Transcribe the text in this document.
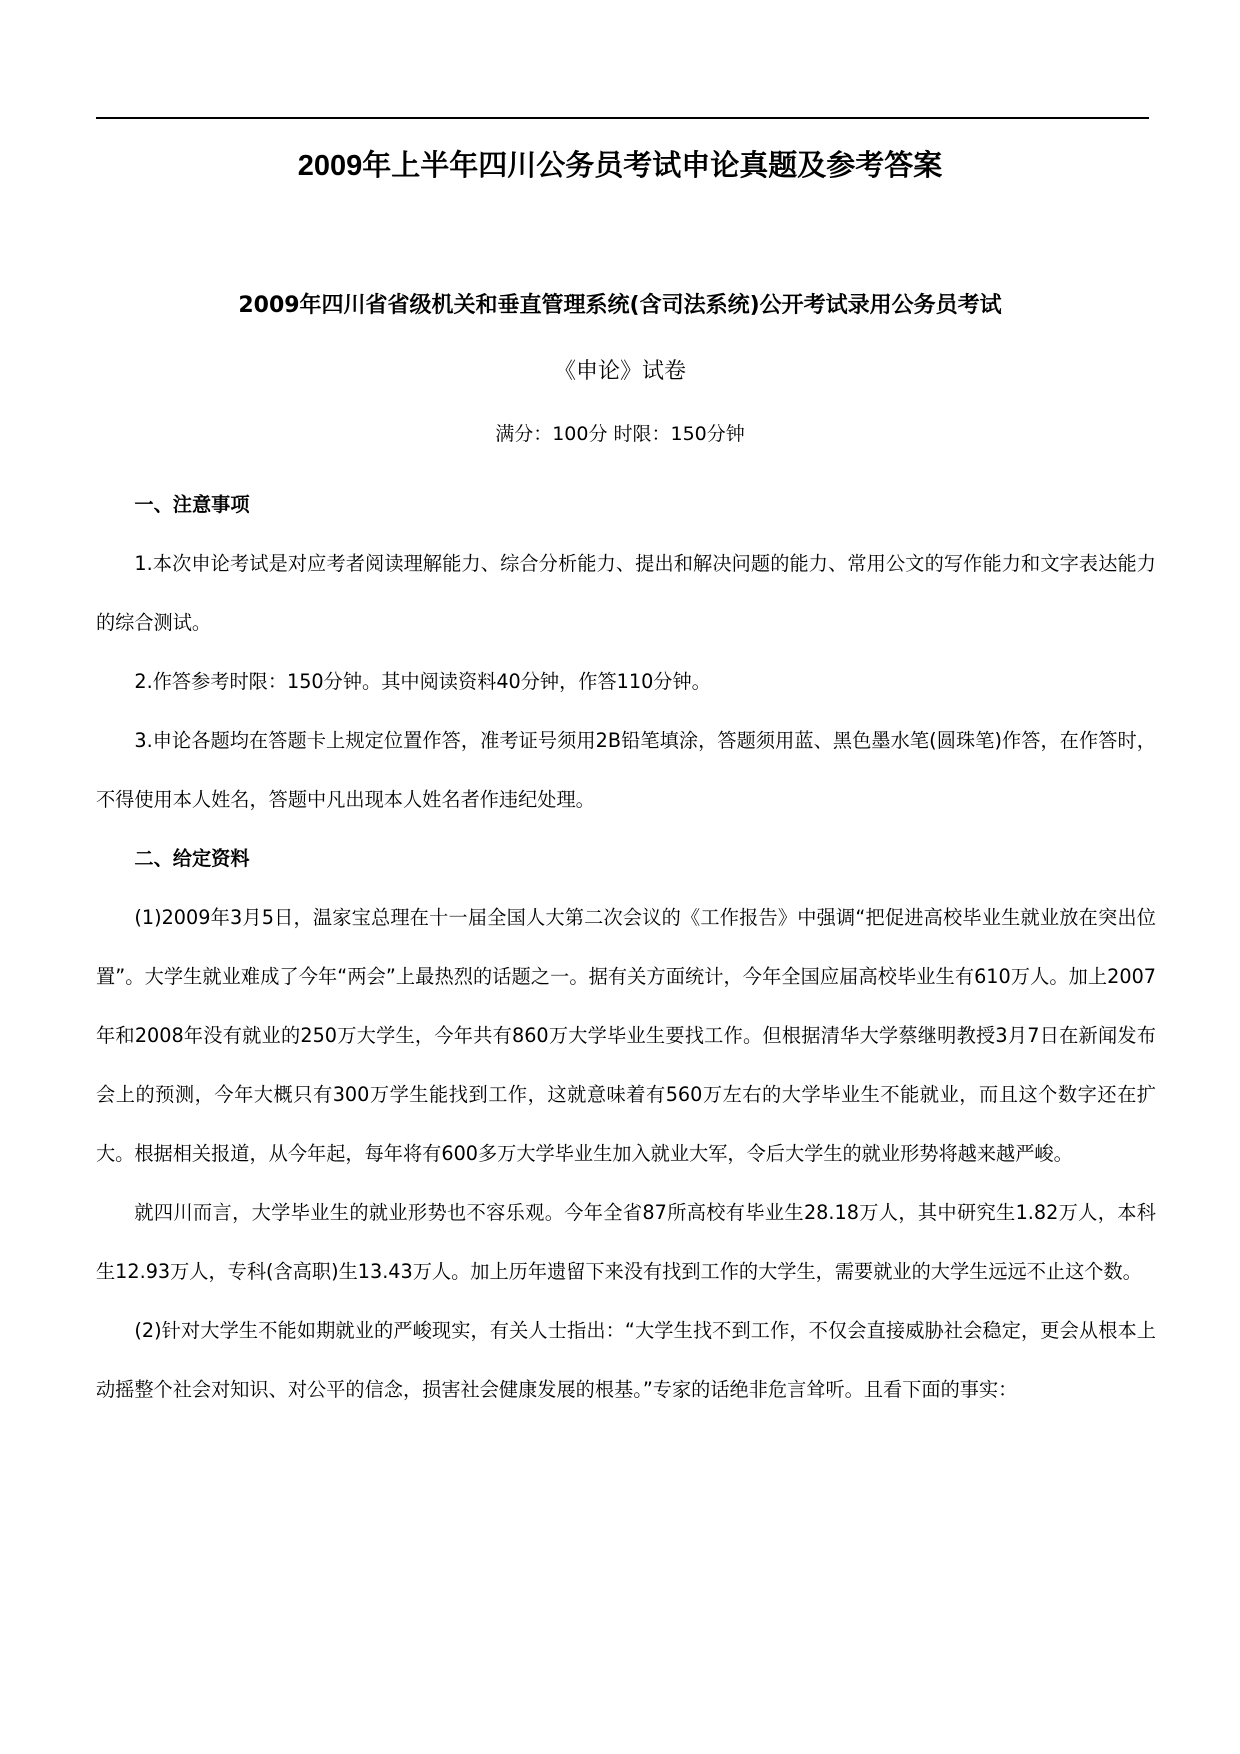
2009年上半年四川公务员考试申论真题及参考答案
2009年四川省省级机关和垂直管理系统(含司法系统)公开考试录用公务员考试
《申论》试卷
满分：100分 时限：150分钟
一、注意事项

1.本次申论考试是对应考者阅读理解能力、综合分析能力、提出和解决问题的能力、常用公文的写作能力和文字表达能力的综合测试。

2.作答参考时限：150分钟。其中阅读资料40分钟，作答110分钟。

3.申论各题均在答题卡上规定位置作答，准考证号须用2B铅笔填涂，答题须用蓝、黑色墨水笔(圆珠笔)作答，在作答时，不得使用本人姓名，答题中凡出现本人姓名者作违纪处理。

二、给定资料

(1)2009年3月5日，温家宝总理在十一届全国人大第二次会议的《工作报告》中强调“把促进高校毕业生就业放在突出位置”。大学生就业难成了今年“两会”上最热烈的话题之一。据有关方面统计，今年全国应届高校毕业生有610万人。加上2007年和2008年没有就业的250万大学生，今年共有860万大学毕业生要找工作。但根据清华大学蔡继明教授3月7日在新闻发布会上的预测，今年大概只有300万学生能找到工作，这就意味着有560万左右的大学毕业生不能就业，而且这个数字还在扩大。根据相关报道，从今年起，每年将有600多万大学毕业生加入就业大军，令后大学生的就业形势将越来越严峻。

就四川而言，大学毕业生的就业形势也不容乐观。今年全省87所高校有毕业生28.18万人，其中研究生1.82万人，本科生12.93万人，专科(含高职)生13.43万人。加上历年遗留下来没有找到工作的大学生，需要就业的大学生远远不止这个数。

(2)针对大学生不能如期就业的严峻现实，有关人士指出：“大学生找不到工作，不仅会直接威胁社会稳定，更会从根本上动摇整个社会对知识、对公平的信念，损害社会健康发展的根基。”专家的话绝非危言耸听。且看下面的事实：
